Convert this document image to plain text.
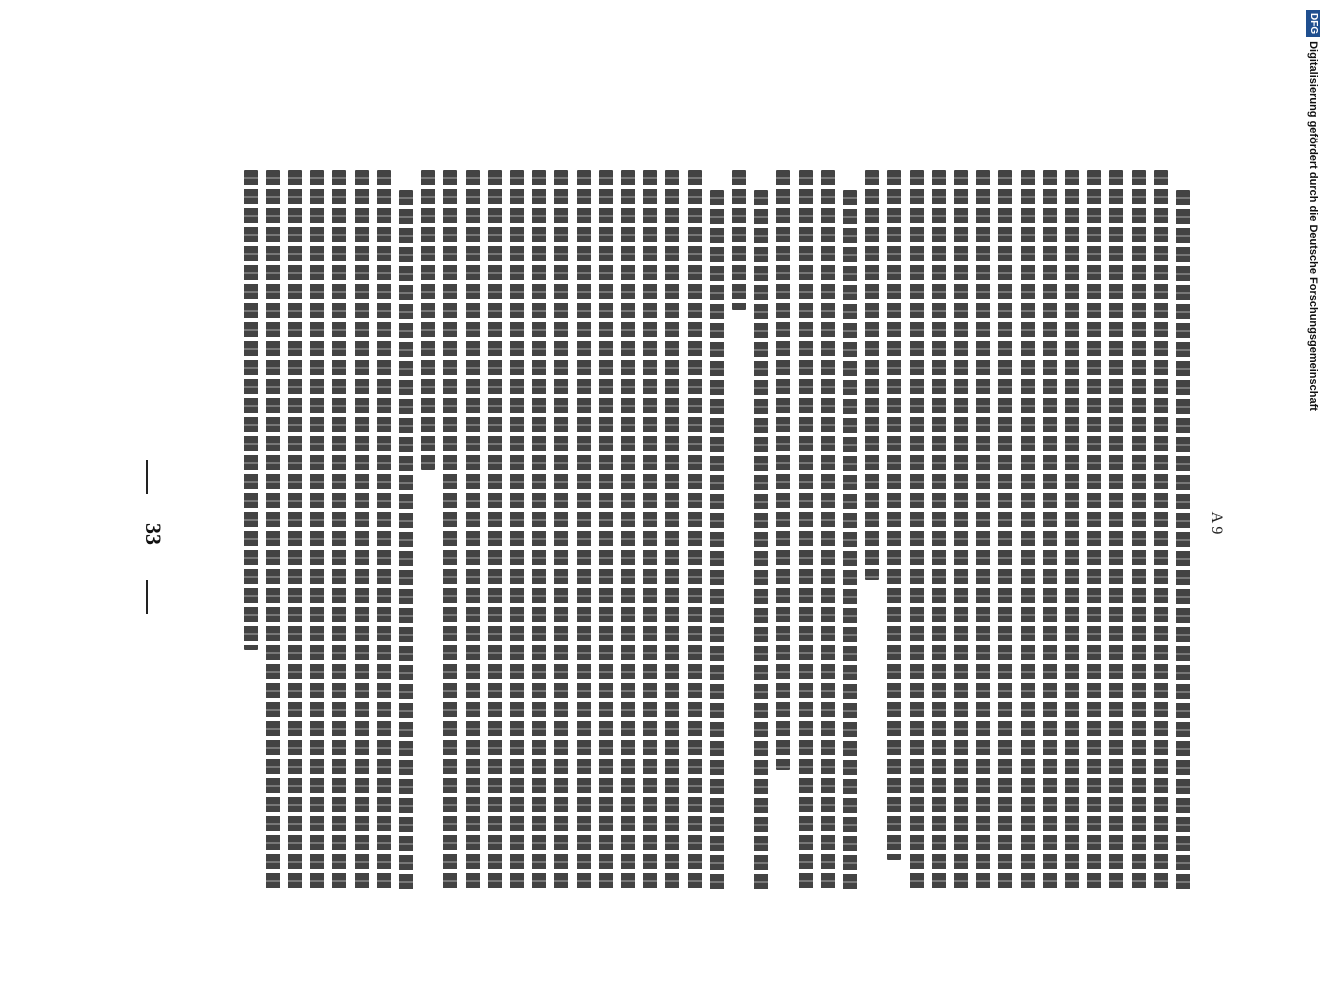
33	A 9
DFG
Digitalisierung gefördert durch die Deutsche Forschungsgemeinschaft
